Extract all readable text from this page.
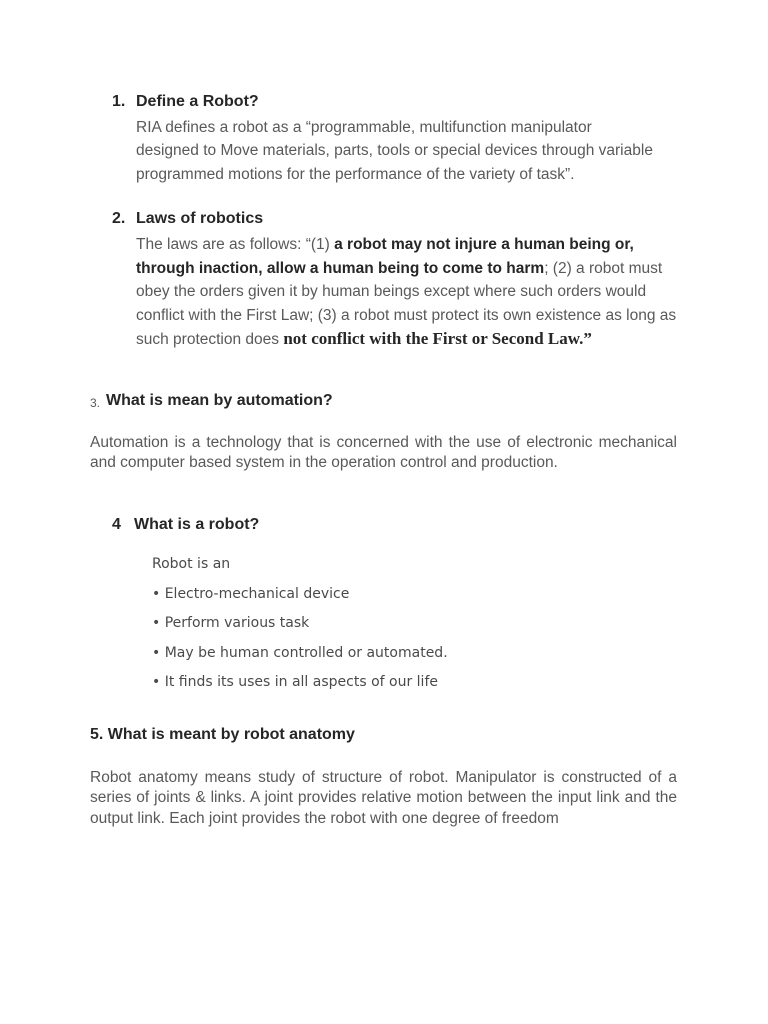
1. Define a Robot?
RIA defines a robot as a “programmable, multifunction manipulator designed to Move materials, parts, tools or special devices through variable programmed motions for the performance of the variety of task”.
2. Laws of robotics
The laws are as follows: “(1) a robot may not injure a human being or, through inaction, allow a human being to come to harm; (2) a robot must obey the orders given it by human beings except where such orders would conflict with the First Law; (3) a robot must protect its own existence as long as such protection does not conflict with the First or Second Law.”
3. What is mean by automation?
Automation is a technology that is concerned with the use of electronic mechanical and computer based system in the operation control and production.
4 What is a robot?
Robot is an
• Electro-mechanical device
• Perform various task
• May be human controlled or automated.
• It finds its uses in all aspects of our life
5. What is meant by robot anatomy
Robot anatomy means study of structure of robot. Manipulator is constructed of a series of joints & links. A joint provides relative motion between the input link and the output link. Each joint provides the robot with one degree of freedom
